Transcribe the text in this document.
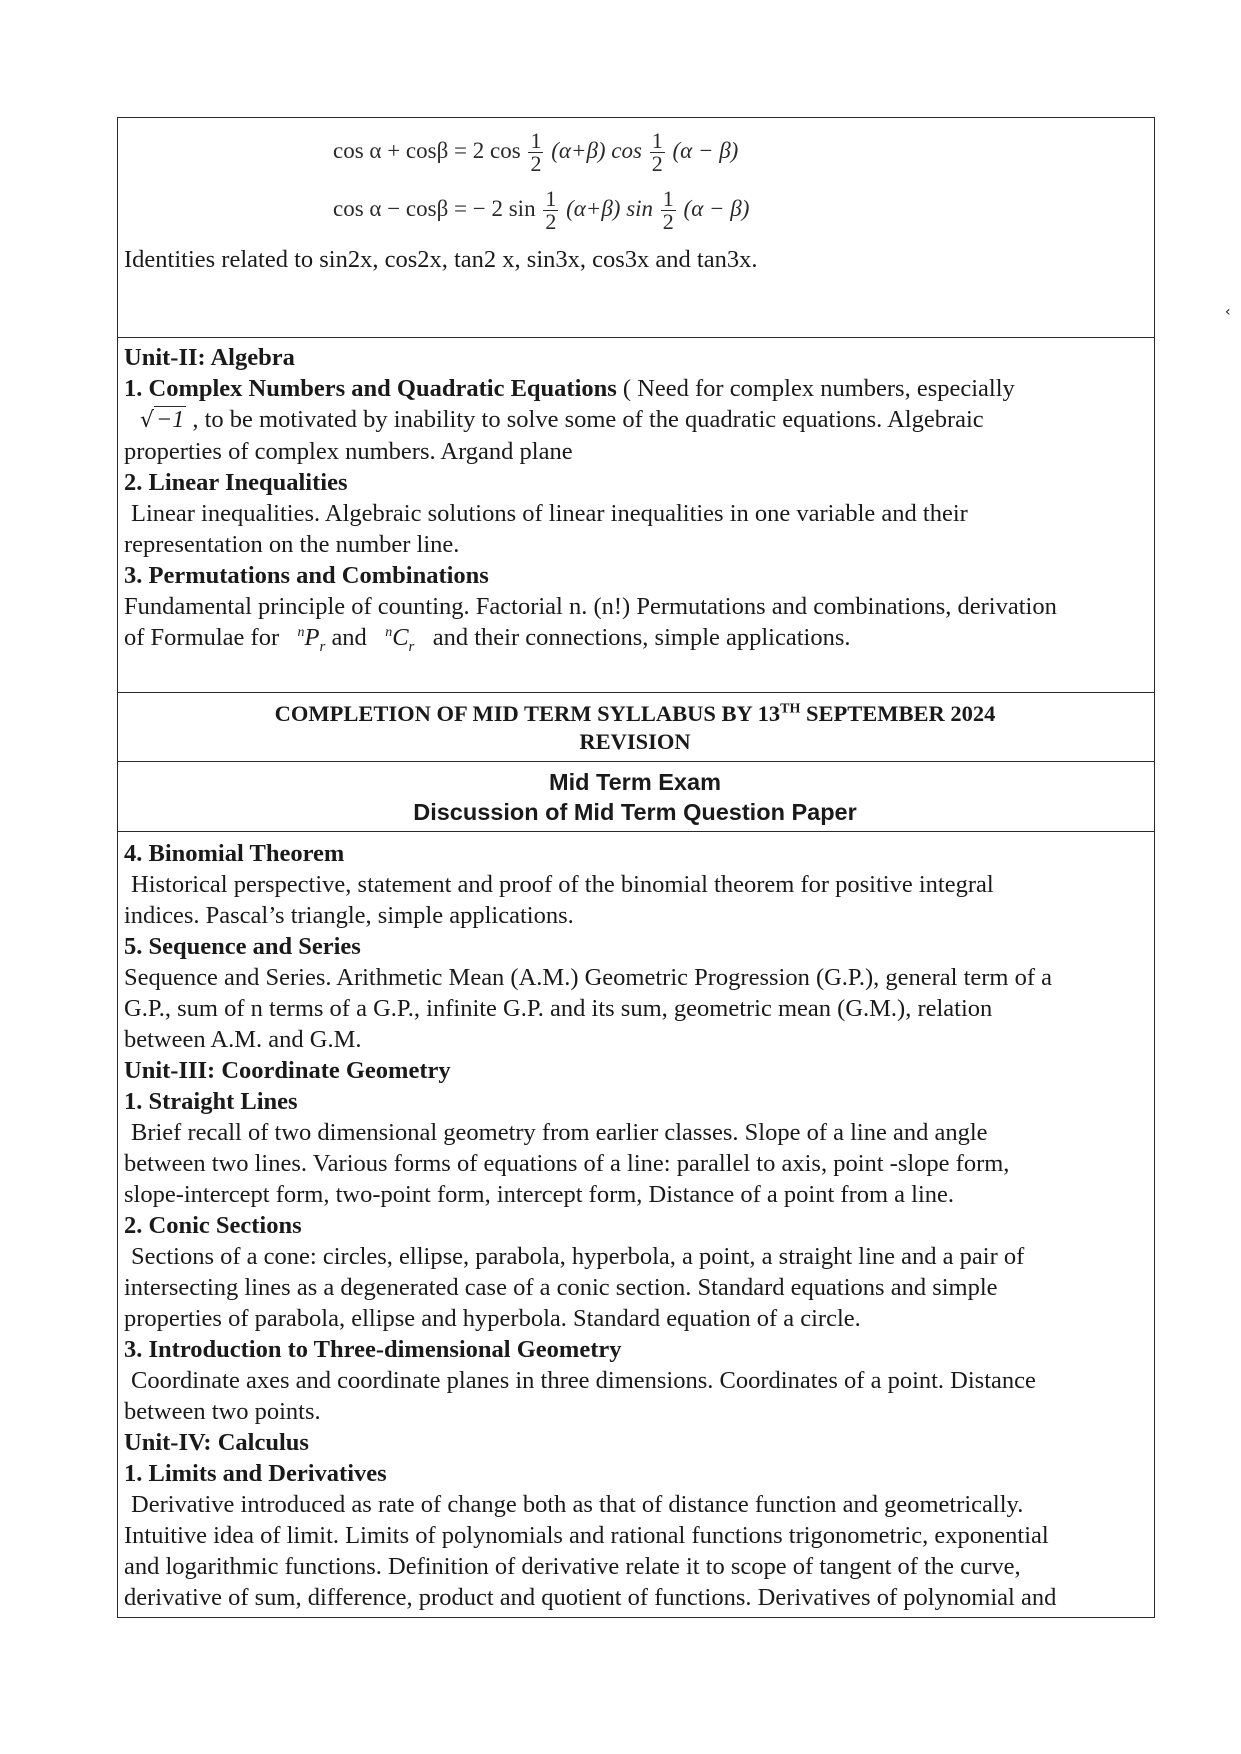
cos α + cosβ = 2 $\cos \frac{1}{2} (\alpha+\beta)$ $\cos \frac{1}{2} (\alpha - \beta)$
cos α − cosβ = − 2 $\sin \frac{1}{2} (\alpha+\beta)$ $\sin \frac{1}{2} (\alpha - \beta)$

Identities related to sin2x, cos2x, tan2 x, sin3x, cos3x and tan3x.

Unit-II: Algebra

1. Complex Numbers and Quadratic Equations ( Need for complex numbers, especially

√−1 , to be motivated by inability to solve some of the quadratic equations. Algebraic

properties of complex numbers. Argand plane

2. Linear Inequalities

Linear inequalities. Algebraic solutions of linear inequalities in one variable and their

representation on the number line.

3. Permutations and Combinations

Fundamental principle of counting. Factorial n. (n!) Permutations and combinations, derivation

of Formulae for   $^nP_r$ and   $^nC_r$   and their connections, simple applications.

COMPLETION OF MID TERM SYLLABUS BY 13TH SEPTEMBER 2024

REVISION

Mid Term Exam

Discussion of Mid Term Question Paper

4. Binomial Theorem

Historical perspective, statement and proof of the binomial theorem for positive integral

indices. Pascal’s triangle, simple applications.

5. Sequence and Series

Sequence and Series. Arithmetic Mean (A.M.) Geometric Progression (G.P.), general term of a

G.P., sum of n terms of a G.P., infinite G.P. and its sum, geometric mean (G.M.), relation

between A.M. and G.M.

Unit-III: Coordinate Geometry

1. Straight Lines

Brief recall of two dimensional geometry from earlier classes. Slope of a line and angle

between two lines. Various forms of equations of a line: parallel to axis, point -slope form,

slope-intercept form, two-point form, intercept form, Distance of a point from a line.

2. Conic Sections

Sections of a cone: circles, ellipse, parabola, hyperbola, a point, a straight line and a pair of

intersecting lines as a degenerated case of a conic section. Standard equations and simple

properties of parabola, ellipse and hyperbola. Standard equation of a circle.

3. Introduction to Three-dimensional Geometry

Coordinate axes and coordinate planes in three dimensions. Coordinates of a point. Distance

between two points.

Unit-IV: Calculus

1. Limits and Derivatives

Derivative introduced as rate of change both as that of distance function and geometrically.

Intuitive idea of limit. Limits of polynomials and rational functions trigonometric, exponential

and logarithmic functions. Definition of derivative relate it to scope of tangent of the curve,

derivative of sum, difference, product and quotient of functions. Derivatives of polynomial and

‹
